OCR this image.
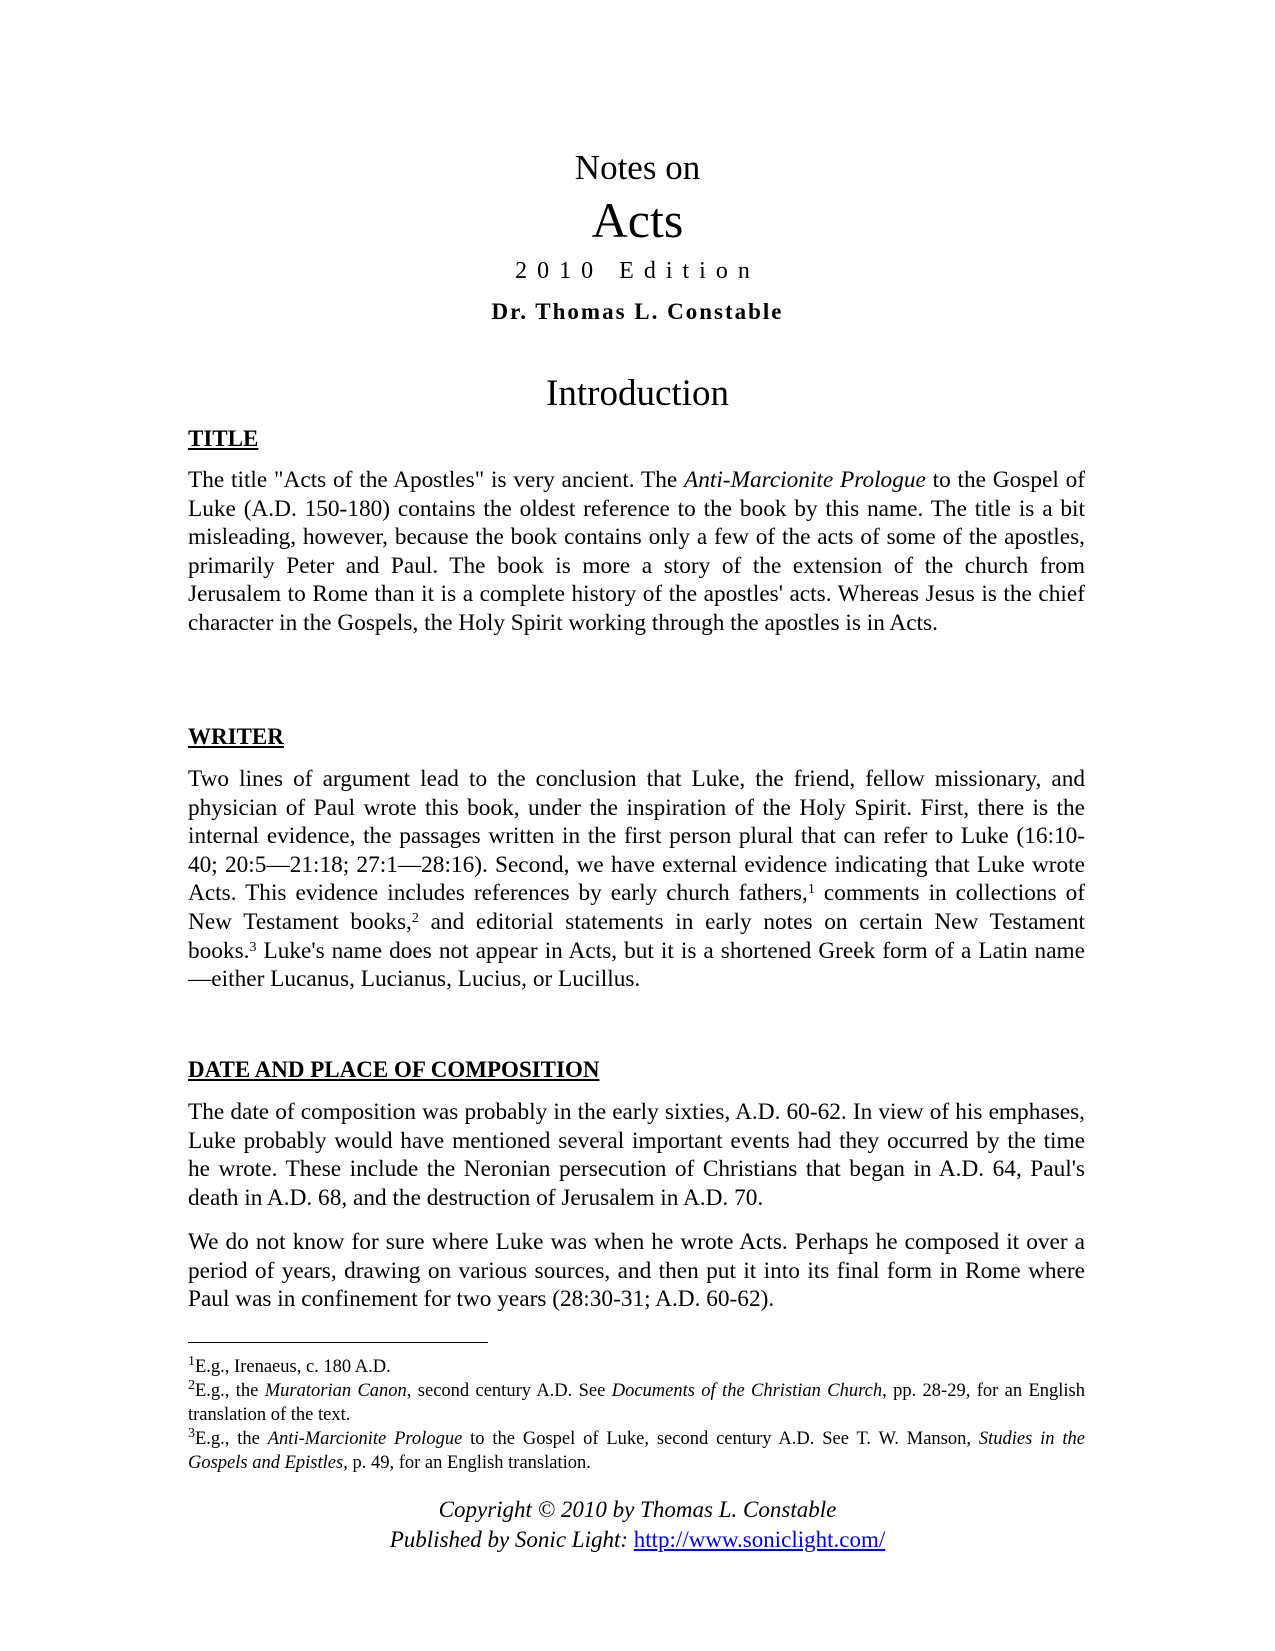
Notes on
Acts
2010 Edition
Dr. Thomas L. Constable
Introduction

TITLE

The title "Acts of the Apostles" is very ancient. The Anti-Marcionite Prologue to the Gospel of Luke (A.D. 150-180) contains the oldest reference to the book by this name. The title is a bit misleading, however, because the book contains only a few of the acts of some of the apostles, primarily Peter and Paul. The book is more a story of the extension of the church from Jerusalem to Rome than it is a complete history of the apostles' acts. Whereas Jesus is the chief character in the Gospels, the Holy Spirit working through the apostles is in Acts.

WRITER

Two lines of argument lead to the conclusion that Luke, the friend, fellow missionary, and physician of Paul wrote this book, under the inspiration of the Holy Spirit. First, there is the internal evidence, the passages written in the first person plural that can refer to Luke (16:10-40; 20:5—21:18; 27:1—28:16). Second, we have external evidence indicating that Luke wrote Acts. This evidence includes references by early church fathers,$^1$ comments in collections of New Testament books,$^2$ and editorial statements in early notes on certain New Testament books.$^3$ Luke's name does not appear in Acts, but it is a shortened Greek form of a Latin name—either Lucanus, Lucianus, Lucius, or Lucillus.

DATE AND PLACE OF COMPOSITION

The date of composition was probably in the early sixties, A.D. 60-62. In view of his emphases, Luke probably would have mentioned several important events had they occurred by the time he wrote. These include the Neronian persecution of Christians that began in A.D. 64, Paul's death in A.D. 68, and the destruction of Jerusalem in A.D. 70.

We do not know for sure where Luke was when he wrote Acts. Perhaps he composed it over a period of years, drawing on various sources, and then put it into its final form in Rome where Paul was in confinement for two years (28:30-31; A.D. 60-62).

$^1$E.g., Irenaeus, c. 180 A.D.

$^2$E.g., the Muratorian Canon, second century A.D. See Documents of the Christian Church, pp. 28-29, for an English translation of the text.

$^3$E.g., the Anti-Marcionite Prologue to the Gospel of Luke, second century A.D. See T. W. Manson, Studies in the Gospels and Epistles, p. 49, for an English translation.

Copyright © 2010 by Thomas L. Constable
Published by Sonic Light: http://www.soniclight.com/
